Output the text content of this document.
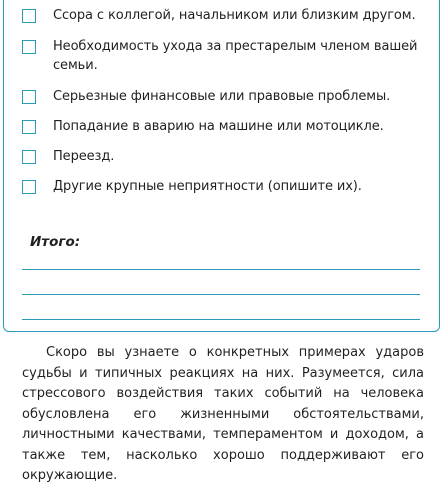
Ссора с коллегой, начальником или близким другом.
Необходимость ухода за престарелым членом вашей семьи.
Серьезные финансовые или правовые проблемы.
Попадание в аварию на машине или мотоцикле.
Переезд.
Другие крупные неприятности (опишите их).
Итого:

Скоро вы узнаете о конкретных примерах ударов судьбы и типичных реакциях на них. Разумеется, сила стрессового воздействия таких событий на человека обусловлена его жизненными обстоятельствами, личностными качествами, темпераментом и доходом, а также тем, насколько хорошо поддерживают его окружающие.
